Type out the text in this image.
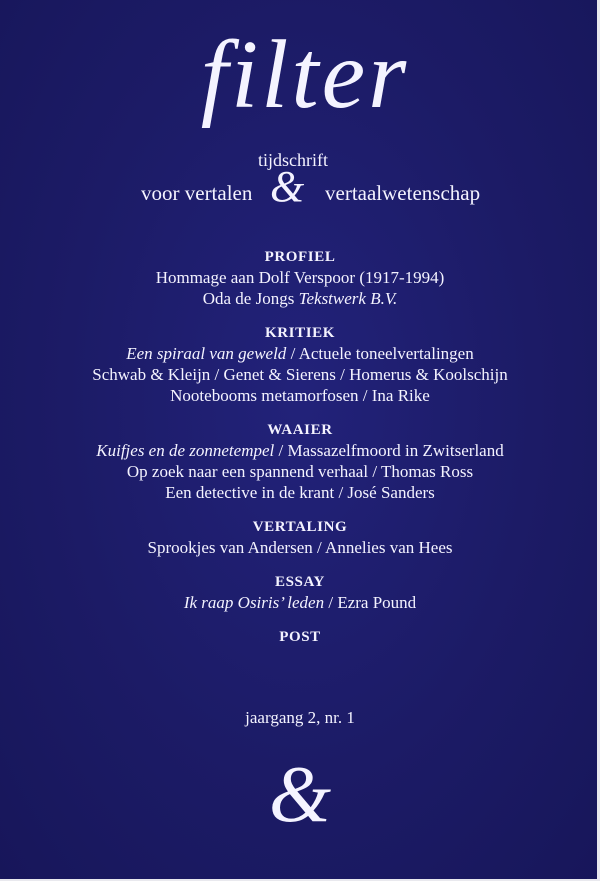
filter
tijdschrift
voor vertalen & vertaalwetenschap
PROFIEL
Hommage aan Dolf Verspoor (1917-1994)
Oda de Jongs Tekstwerk B.V.
KRITIEK
Een spiraal van geweld / Actuele toneelvertalingen
Schwab & Kleijn / Genet & Sierens / Homerus & Koolschijn
Nootebooms metamorfosen / Ina Rike
WAAIER
Kuifjes en de zonnetempel / Massazelfmoord in Zwitserland
Op zoek naar een spannend verhaal / Thomas Ross
Een detective in de krant / José Sanders
VERTALING
Sprookjes van Andersen / Annelies van Hees
ESSAY
Ik raap Osiris’ leden / Ezra Pound
POST
jaargang 2, nr. 1
&
